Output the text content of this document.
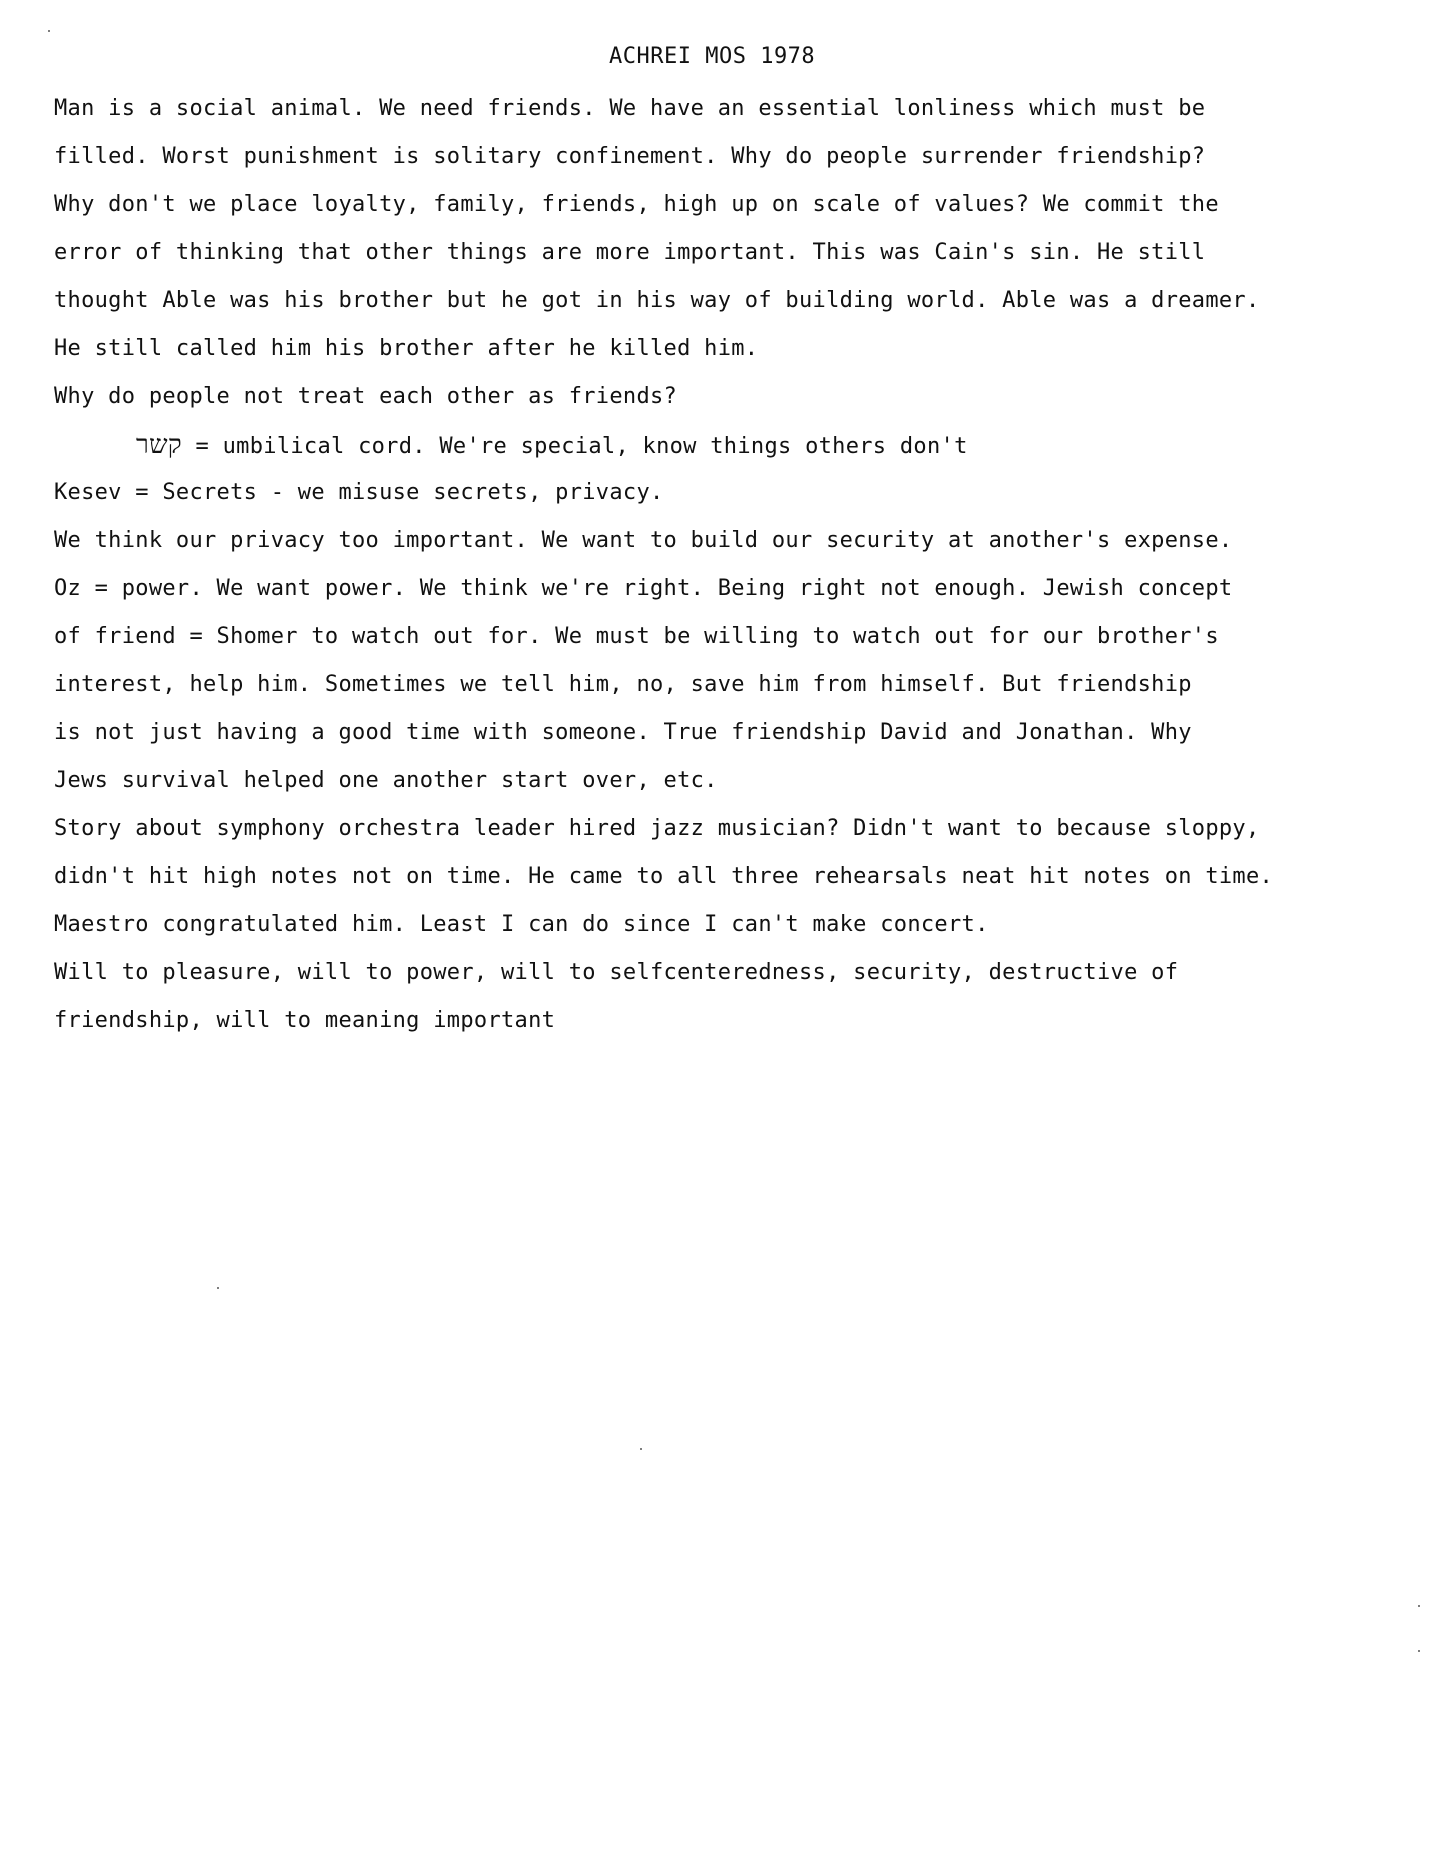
ACHREI MOS 1978
Man is a social animal. We need friends. We have an essential lonliness which must be
filled. Worst punishment is solitary confinement. Why do people surrender friendship?
Why don't we place loyalty, family, friends, high up on scale of values? We commit the
error of thinking that other things are more important. This was Cain's sin. He still
thought Able was his brother but he got in his way of building world. Able was a dreamer.
He still called him his brother after he killed him.
Why do people not treat each other as friends?
קשר = umbilical cord. We're special, know things others don't
Kesev = Secrets - we misuse secrets, privacy.
We think our privacy too important. We want to build our security at another's expense.
Oz = power. We want power. We think we're right. Being right not enough. Jewish concept
of friend = Shomer to watch out for. We must be willing to watch out for our brother's
interest, help him. Sometimes we tell him, no, save him from himself. But friendship
is not just having a good time with someone. True friendship David and Jonathan. Why
Jews survival helped one another start over, etc.
Story about symphony orchestra leader hired jazz musician? Didn't want to because sloppy,
didn't hit high notes not on time. He came to all three rehearsals neat hit notes on time.
Maestro congratulated him. Least I can do since I can't make concert.
Will to pleasure, will to power, will to selfcenteredness, security, destructive of
friendship, will to meaning important
